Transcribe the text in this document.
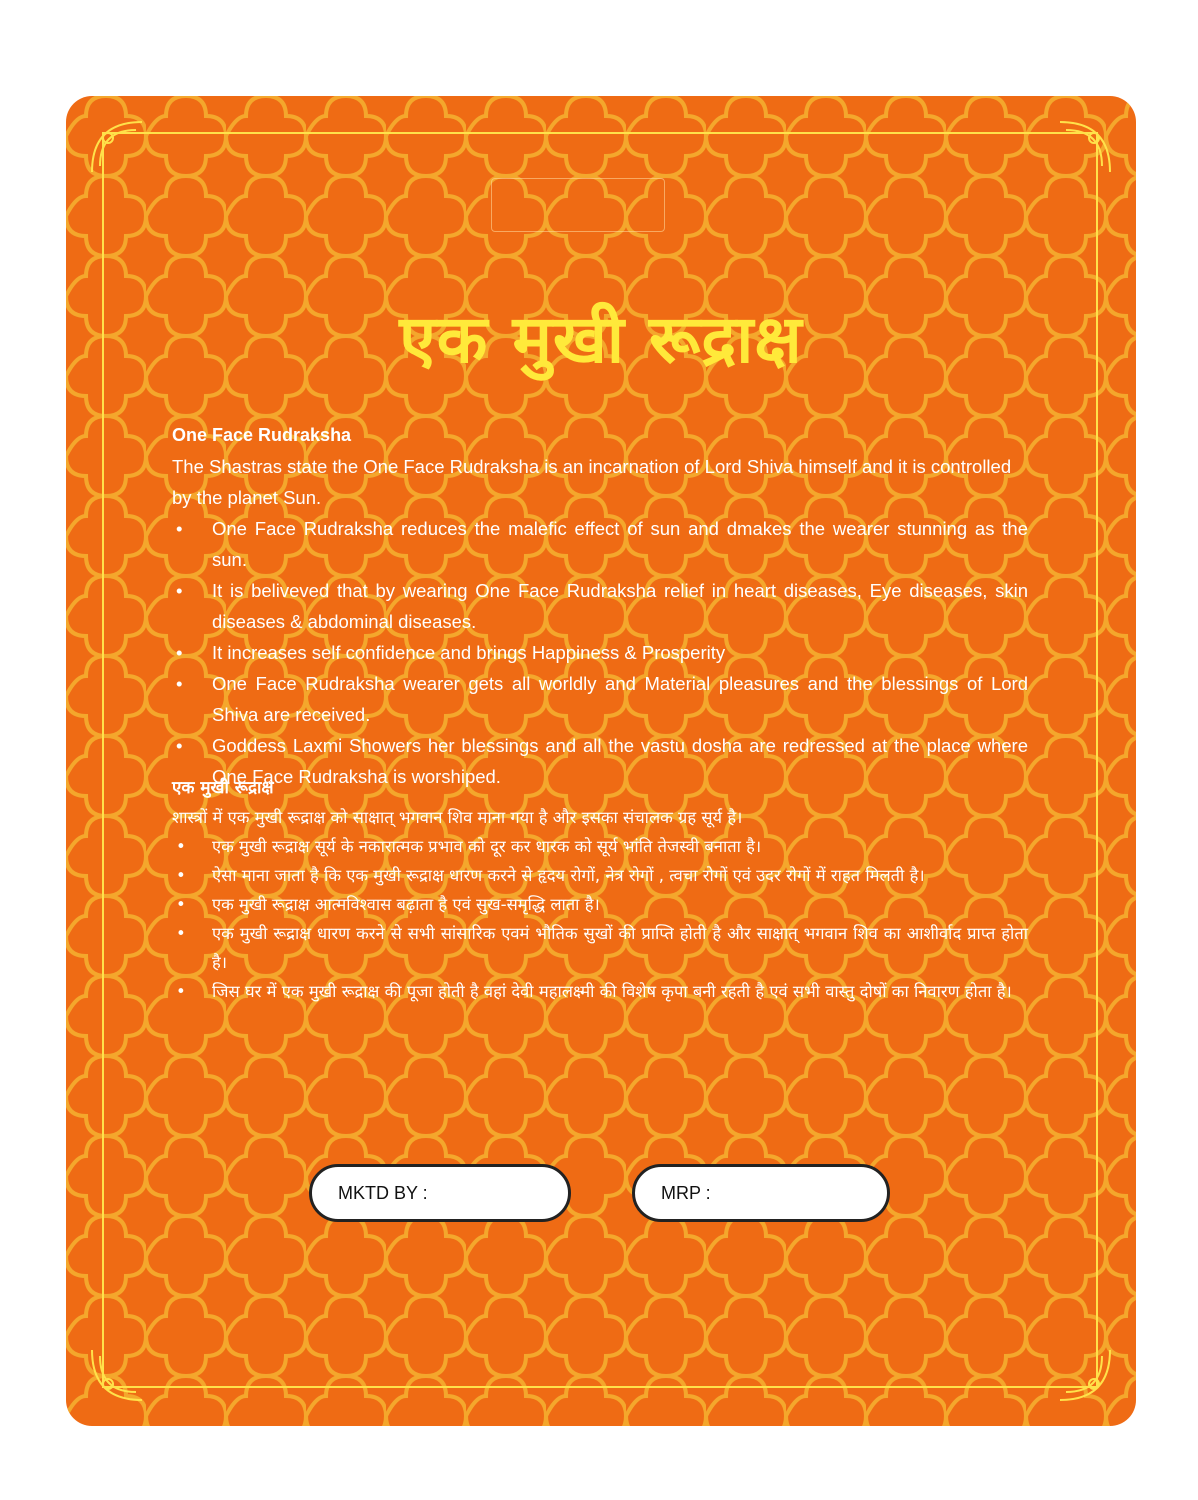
एक मुखी रूद्राक्ष

One Face Rudraksha

The Shastras state the One Face Rudraksha is an incarnation of Lord Shiva himself and it is controlled by the planet Sun.

• One Face Rudraksha reduces the malefic effect of sun and dmakes the wearer stunning as the sun.
• It is beliveved that by wearing One Face Rudraksha relief in heart diseases, Eye diseases, skin diseases & abdominal diseases.
• It increases self confidence and brings Happiness & Prosperity
• One Face Rudraksha wearer gets all worldly and Material pleasures and the blessings of Lord Shiva are received.
• Goddess Laxmi Showers her blessings and all the vastu dosha are redressed at the place where One Face Rudraksha is worshiped.

एक मुखी रूद्राक्ष

शास्त्रों में एक मुखी रूद्राक्ष को साक्षात् भगवान शिव माना गया है और इसका संचालक ग्रह सूर्य है।

• एक मुखी रूद्राक्ष सूर्य के नकारात्मक प्रभाव को दूर कर धारक को सूर्य भांति तेजस्वी बनाता है।
• ऐसा माना जाता है कि एक मुखी रूद्राक्ष धारण करने से हृदय रोगों, नेत्र रोगों , त्वचा रोगों एवं उदर रोगों में राहत मिलती है।
• एक मुखी रूद्राक्ष आत्मविश्वास बढ़ाता है एवं सुख-समृद्धि लाता है।
• एक मुखी रूद्राक्ष धारण करने से सभी सांसारिक एवमं भौतिक सुखों की प्राप्ति होती है और साक्षात् भगवान शिव का आशीर्वाद प्राप्त होता है।
• जिस घर में एक मुखी रूद्राक्ष की पूजा होती है वहां देवी महालक्ष्मी की विशेष कृपा बनी रहती है एवं सभी वास्तु दोषों का निवारण होता है।
MKTD BY :	MRP :
